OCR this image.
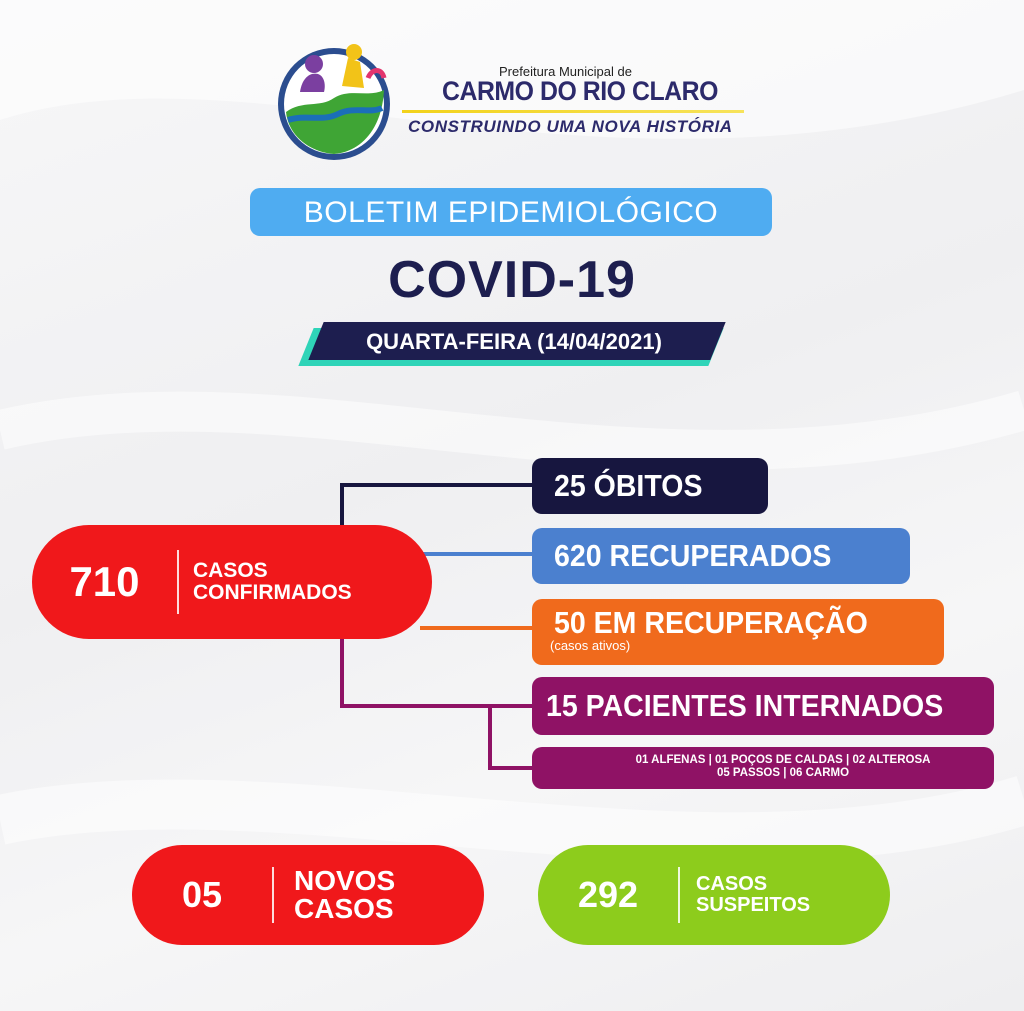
Prefeitura Municipal de
CARMO DO RIO CLARO
CONSTRUINDO UMA NOVA HISTÓRIA
BOLETIM EPIDEMIOLÓGICO
COVID-19
QUARTA-FEIRA (14/04/2021)
710	CASOS
CONFIRMADOS
25 ÓBITOS
620 RECUPERADOS
50 EM RECUPERAÇÃO
(casos ativos)
15 PACIENTES INTERNADOS
01 ALFENAS | 01 POÇOS DE CALDAS | 02 ALTEROSA
05 PASSOS | 06 CARMO
05	NOVOS
CASOS	292	CASOS
SUSPEITOS
